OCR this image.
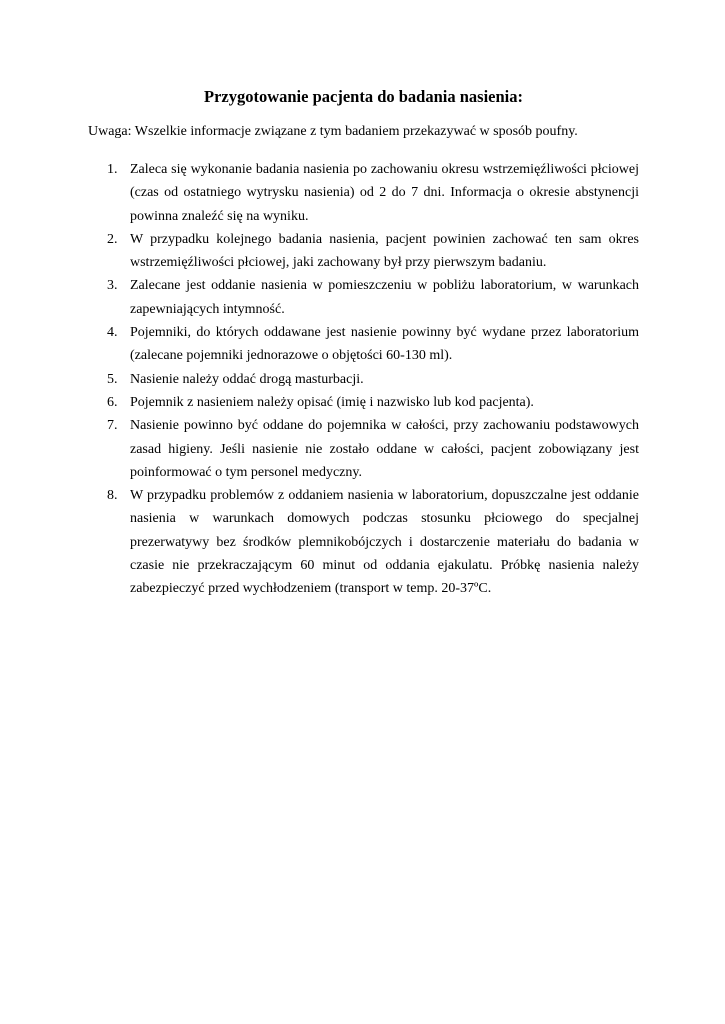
Przygotowanie pacjenta do badania nasienia:

Uwaga: Wszelkie informacje związane z tym badaniem przekazywać w sposób poufny.

1. Zaleca się wykonanie badania nasienia po zachowaniu okresu wstrzemięźliwości płciowej (czas od ostatniego wytrysku nasienia) od 2 do 7 dni. Informacja o okresie abstynencji powinna znaleźć się na wyniku.
2. W przypadku kolejnego badania nasienia, pacjent powinien zachować ten sam okres wstrzemięźliwości płciowej, jaki zachowany był przy pierwszym badaniu.
3. Zalecane jest oddanie nasienia w pomieszczeniu w pobliżu laboratorium, w warunkach zapewniających intymność.
4. Pojemniki, do których oddawane jest nasienie powinny być wydane przez laboratorium (zalecane pojemniki jednorazowe o objętości 60-130 ml).
5. Nasienie należy oddać drogą masturbacji.
6. Pojemnik z nasieniem należy opisać (imię i nazwisko lub kod pacjenta).
7. Nasienie powinno być oddane do pojemnika w całości, przy zachowaniu podstawowych zasad higieny. Jeśli nasienie nie zostało oddane w całości, pacjent zobowiązany jest poinformować o tym personel medyczny.
8. W przypadku problemów z oddaniem nasienia w laboratorium, dopuszczalne jest oddanie nasienia w warunkach domowych podczas stosunku płciowego do specjalnej prezerwatywy bez środków plemnikobójczych i dostarczenie materiału do badania w czasie nie przekraczającym 60 minut od oddania ejakulatu. Próbkę nasienia należy zabezpieczyć przed wychłodzeniem (transport w temp. 20-37ºC.
